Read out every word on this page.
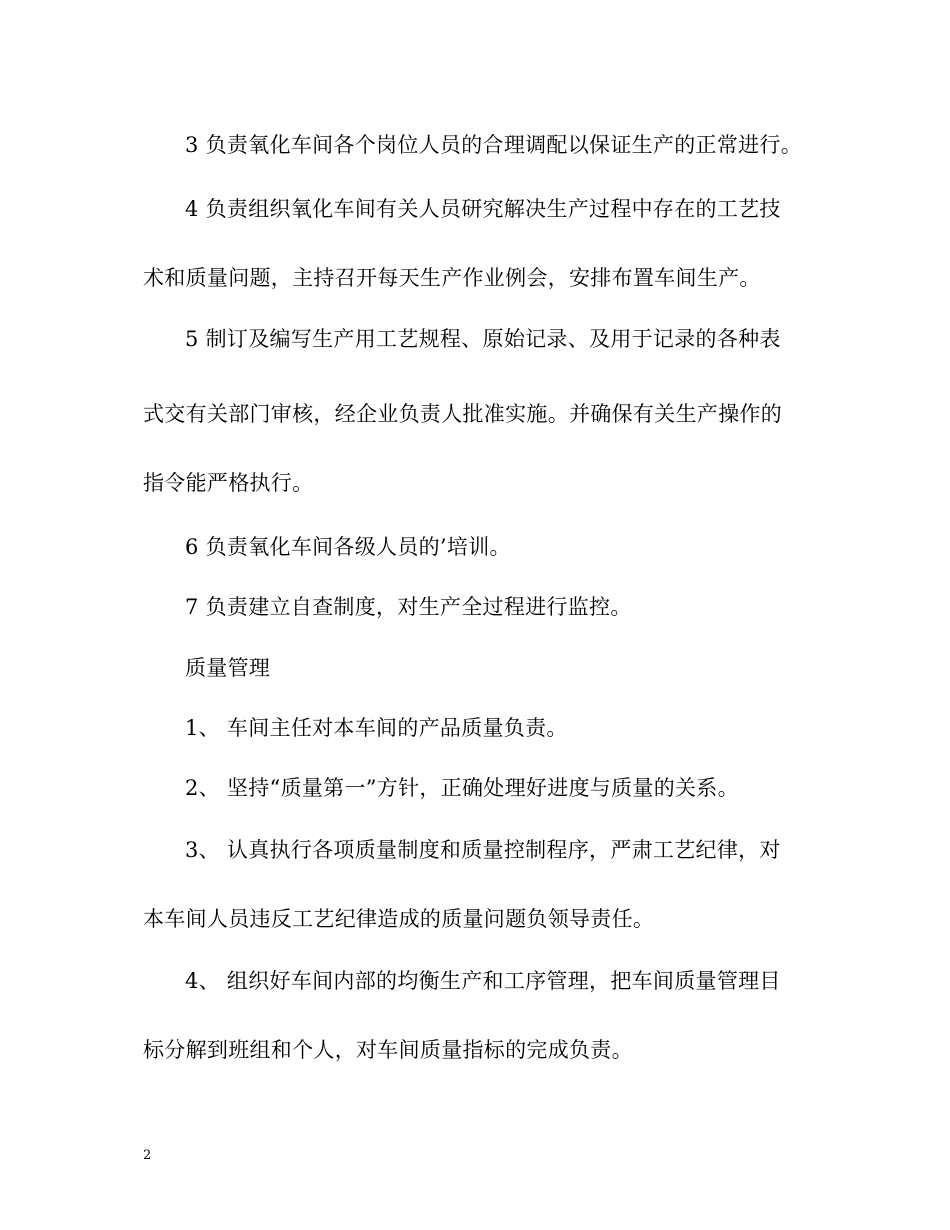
3 负责氧化车间各个岗位人员的合理调配以保证生产的正常进行。
4 负责组织氧化车间有关人员研究解决生产过程中存在的工艺技
术和质量问题，主持召开每天生产作业例会，安排布置车间生产。
5 制订及编写生产用工艺规程、原始记录、及用于记录的各种表
式交有关部门审核，经企业负责人批准实施。并确保有关生产操作的
指令能严格执行。
6 负责氧化车间各级人员的’培训。
7 负责建立自查制度，对生产全过程进行监控。
质量管理
1、 车间主任对本车间的产品质量负责。
2、 坚持“质量第一”方针，正确处理好进度与质量的关系。
3、 认真执行各项质量制度和质量控制程序，严肃工艺纪律，对
本车间人员违反工艺纪律造成的质量问题负领导责任。
4、 组织好车间内部的均衡生产和工序管理，把车间质量管理目
标分解到班组和个人，对车间质量指标的完成负责。
2
